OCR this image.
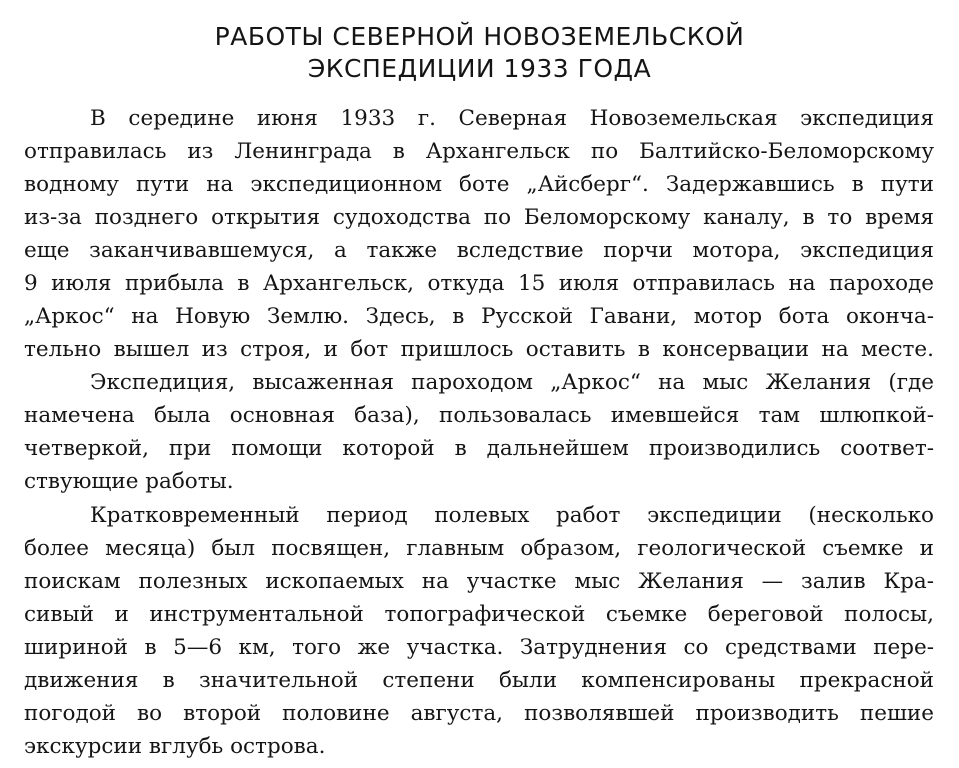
РАБОТЫ СЕВЕРНОЙ НОВОЗЕМЕЛЬСКОЙ
ЭКСПЕДИЦИИ 1933 ГОДА
В середине июня 1933 г. Северная Новоземельская экспедиция
отправилась из Ленинграда в Архангельск по Балтийско-Беломорскому
водному пути на экспедиционном боте „Айсберг“. Задержавшись в пути
из-за позднего открытия судоходства по Беломорскому каналу, в то время
еще заканчивавшемуся, а также вследствие порчи мотора, экспедиция
9 июля прибыла в Архангельск, откуда 15 июля отправилась на пароходе
„Аркос“ на Новую Землю. Здесь, в Русской Гавани, мотор бота оконча-
тельно вышел из строя, и бот пришлось оставить в консервации на месте.
Экспедиция, высаженная пароходом „Аркос“ на мыс Желания (где
намечена была основная база), пользовалась имевшейся там шлюпкой-
четверкой, при помощи которой в дальнейшем производились соответ-
ствующие работы.
Кратковременный период полевых работ экспедиции (несколько
более месяца) был посвящен, главным образом, геологической съемке и
поискам полезных ископаемых на участке мыс Желания — залив Кра-
сивый и инструментальной топографической съемке береговой полосы,
шириной в 5—6 км, того же участка. Затруднения со средствами пере-
движения в значительной степени были компенсированы прекрасной
погодой во второй половине августа, позволявшей производить пешие
экскурсии вглубь острова.
